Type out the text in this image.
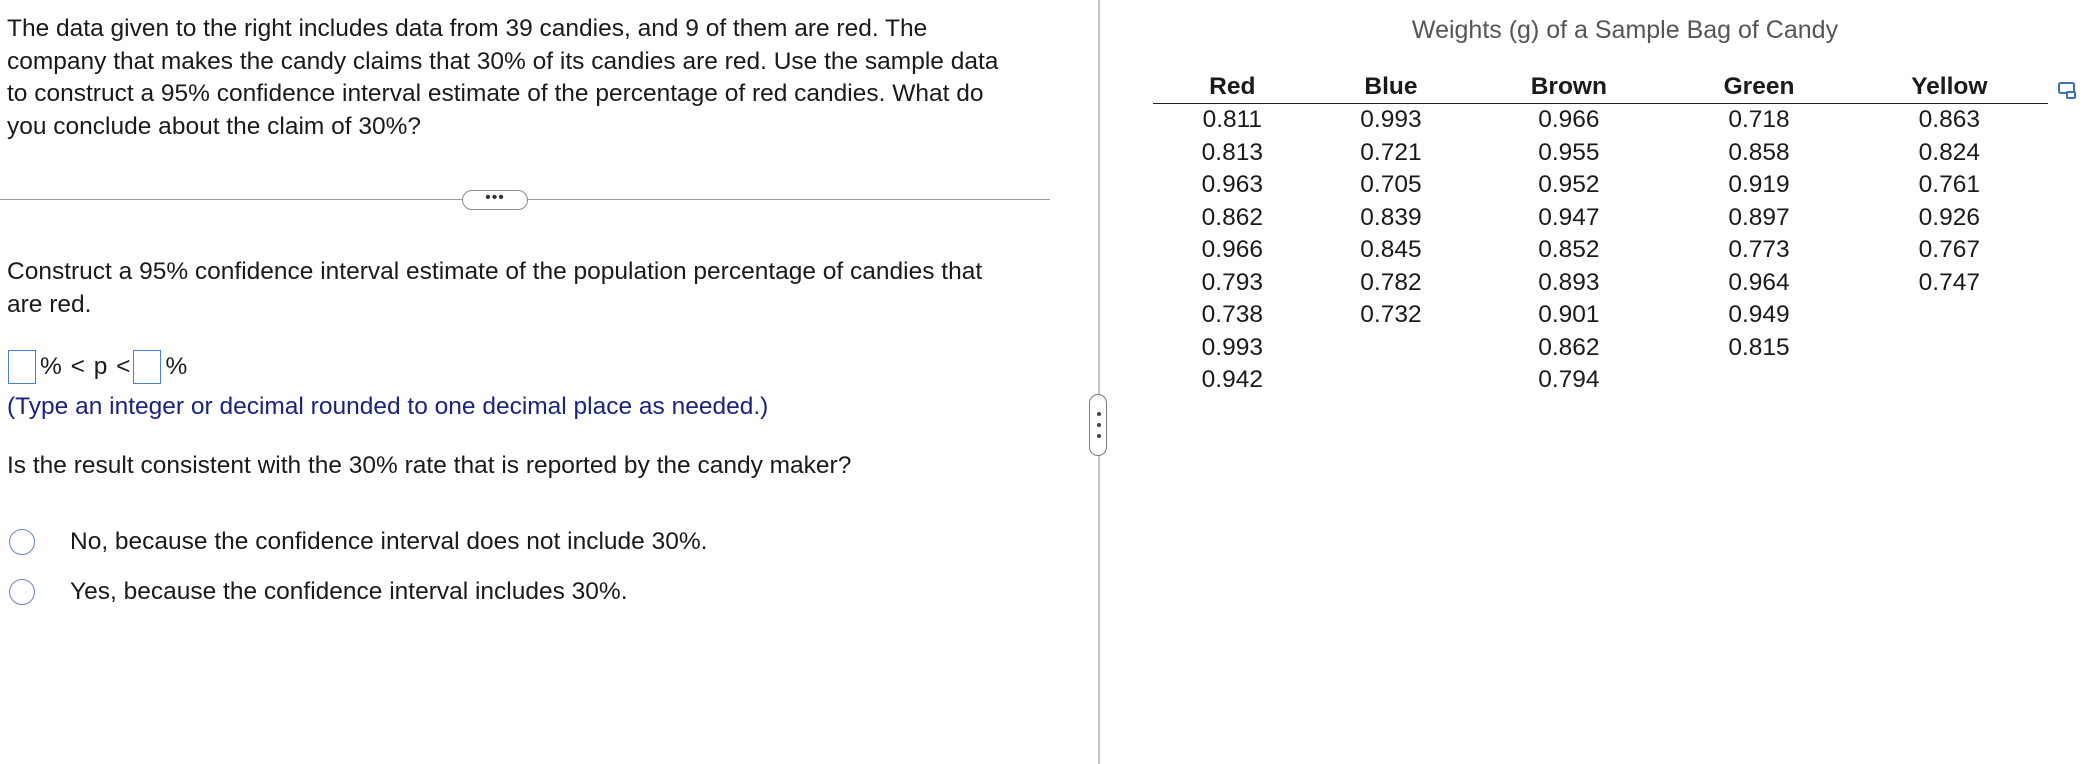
The data given to the right includes data from 39 candies, and 9 of them are red. The company that makes the candy claims that 30% of its candies are red. Use the sample data to construct a 95% confidence interval estimate of the percentage of red candies. What do you conclude about the claim of 30%?
•••
Construct a 95% confidence interval estimate of the population percentage of candies that are red.
% < p < %
(Type an integer or decimal rounded to one decimal place as needed.)
Is the result consistent with the 30% rate that is reported by the candy maker?
No, because the confidence interval does not include 30%.
Yes, because the confidence interval includes 30%.
Weights (g) of a Sample Bag of Candy
Red	Blue	Brown	Green	Yellow
0.811	0.993	0.966	0.718	0.863
0.813	0.721	0.955	0.858	0.824
0.963	0.705	0.952	0.919	0.761
0.862	0.839	0.947	0.897	0.926
0.966	0.845	0.852	0.773	0.767
0.793	0.782	0.893	0.964	0.747
0.738	0.732	0.901	0.949	
0.993		0.862	0.815	
0.942		0.794		
